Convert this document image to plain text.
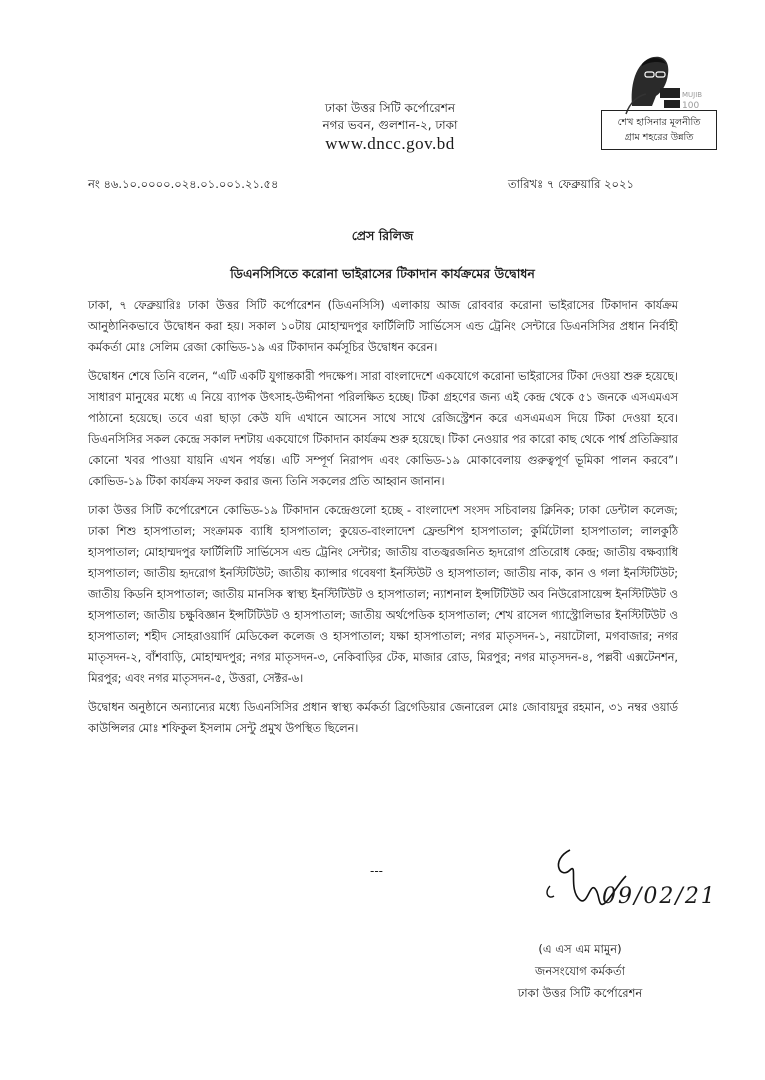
ঢাকা উত্তর সিটি কর্পোরেশন
নগর ভবন, গুলশান-২, ঢাকা
www.dncc.gov.bd
MUJIB
100
শেখ হাসিনার মূলনীতি
গ্রাম শহরের উন্নতি
নং ৪৬.১০.০০০০.০২৪.০১.০০১.২১.৫৪	তারিখঃ ৭ ফেব্রুয়ারি ২০২১
প্রেস রিলিজ
ডিএনসিসিতে করোনা ভাইরাসের টিকাদান কার্যক্রমের উদ্বোধন

ঢাকা, ৭ ফেব্রুয়ারিঃ ঢাকা উত্তর সিটি কর্পোরেশন (ডিএনসিসি) এলাকায় আজ রোববার করোনা ভাইরাসের টিকাদান কার্যক্রম আনুষ্ঠানিকভাবে উদ্বোধন করা হয়। সকাল ১০টায় মোহাম্মদপুর ফার্টিলিটি সার্ভিসেস এন্ড ট্রেনিং সেন্টারে ডিএনসিসির প্রধান নির্বাহী কর্মকর্তা মোঃ সেলিম রেজা কোভিড-১৯ এর টিকাদান কর্মসূচির উদ্বোধন করেন।

উদ্বোধন শেষে তিনি বলেন, “এটি একটি যুগান্তকারী পদক্ষেপ। সারা বাংলাদেশে একযোগে করোনা ভাইরাসের টিকা দেওয়া শুরু হয়েছে। সাধারণ মানুষের মধ্যে এ নিয়ে ব্যাপক উৎসাহ-উদ্দীপনা পরিলক্ষিত হচ্ছে। টিকা গ্রহণের জন্য এই কেন্দ্র থেকে ৫১ জনকে এসএমএস পাঠানো হয়েছে। তবে এরা ছাড়া কেউ যদি এখানে আসেন সাথে সাথে রেজিস্ট্রেশন করে এসএমএস দিয়ে টিকা দেওয়া হবে। ডিএনসিসির সকল কেন্দ্রে সকাল দশটায় একযোগে টিকাদান কার্যক্রম শুরু হয়েছে। টিকা নেওয়ার পর কারো কাছ থেকে পার্শ্ব প্রতিক্রিয়ার কোনো খবর পাওয়া যায়নি এখন পর্যন্ত। এটি সম্পূর্ণ নিরাপদ এবং কোভিড-১৯ মোকাবেলায় গুরুত্বপূর্ণ ভূমিকা পালন করবে”। কোভিড-১৯ টিকা কার্যক্রম সফল করার জন্য তিনি সকলের প্রতি আহ্বান জানান।

ঢাকা উত্তর সিটি কর্পোরেশনে কোভিড-১৯ টিকাদান কেন্দ্রেগুলো হচ্ছে - বাংলাদেশ সংসদ সচিবালয় ক্লিনিক; ঢাকা ডেন্টাল কলেজ; ঢাকা শিশু হাসপাতাল; সংক্রামক ব্যাধি হাসপাতাল; কুয়েত-বাংলাদেশ ফ্রেন্ডশিপ হাসপাতাল; কুর্মিটোলা হাসপাতাল; লালকুঠি হাসপাতাল; মোহাম্মদপুর ফার্টিলিটি সার্ভিসেস এন্ড ট্রেনিং সেন্টার; জাতীয় বাতজ্বরজনিত হৃদরোগ প্রতিরোধ কেন্দ্র; জাতীয় বক্ষব্যাধি হাসপাতাল; জাতীয় হৃদরোগ ইনস্টিটিউট; জাতীয় ক্যান্সার গবেষণা ইনস্টিউট ও হাসপাতাল; জাতীয় নাক, কান ও গলা ইনস্টিটিউট; জাতীয় কিডনি হাসপাতাল; জাতীয় মানসিক স্বাস্থ্য ইনস্টিটিউট ও হাসপাতাল; ন্যাশনাল ইন্সটিটিউট অব নিউরোসায়েন্স ইনস্টিটিউট ও হাসপাতাল; জাতীয় চক্ষুবিজ্ঞান ইন্সটিটিউট ও হাসপাতাল; জাতীয় অর্থপেডিক হাসপাতাল; শেখ রাসেল গ্যাস্ট্রোলিভার ইনস্টিটিউট ও হাসপাতাল; শহীদ সোহরাওয়ার্দি মেডিকেল কলেজ ও হাসপাতাল; যক্ষা হাসপাতাল; নগর মাতৃসদন-১, নয়াটোলা, মগবাজার; নগর মাতৃসদন-২, বাঁশবাড়ি, মোহাম্মদপুর; নগর মাতৃসদন-৩, নেকিবাড়ির টেক, মাজার রোড, মিরপুর; নগর মাতৃসদন-৪, পল্লবী এক্সটেনশন, মিরপুর; এবং নগর মাতৃসদন-৫, উত্তরা, সেক্টর-৬।

উদ্বোধন অনুষ্ঠানে অন্যান্যের মধ্যে ডিএনসিসির প্রধান স্বাস্থ্য কর্মকর্তা ব্রিগেডিয়ার জেনারেল মোঃ জোবায়দুর রহমান, ৩১ নম্বর ওয়ার্ড কাউন্সিলর মোঃ শফিকুল ইসলাম সেন্টু প্রমুখ উপস্থিত ছিলেন।

---
09/02/21
(এ এস এম মামুন)
জনসংযোগ কর্মকর্তা
ঢাকা উত্তর সিটি কর্পোরেশন
